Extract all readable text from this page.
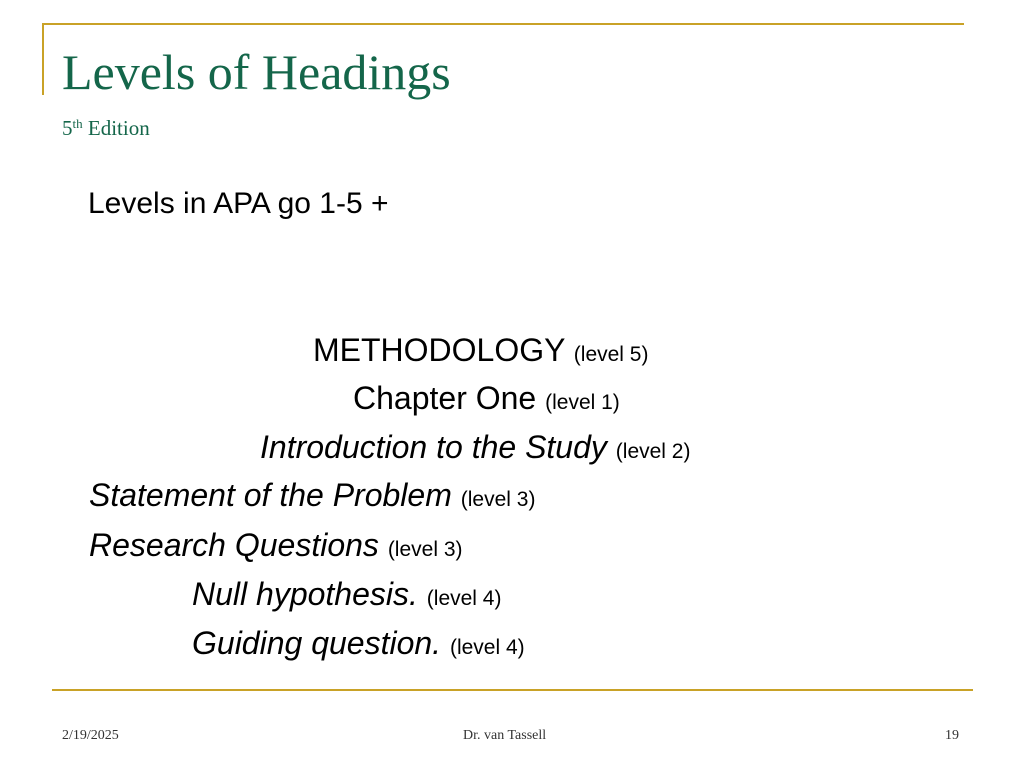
Levels of Headings
5th Edition
Levels in APA go 1-5 +
METHODOLOGY (level 5)
Chapter One (level 1)
Introduction to the Study (level 2)
Statement of the Problem (level 3)
Research Questions (level 3)
Null hypothesis. (level 4)
Guiding question. (level 4)
2/19/2025	Dr. van Tassell	19
